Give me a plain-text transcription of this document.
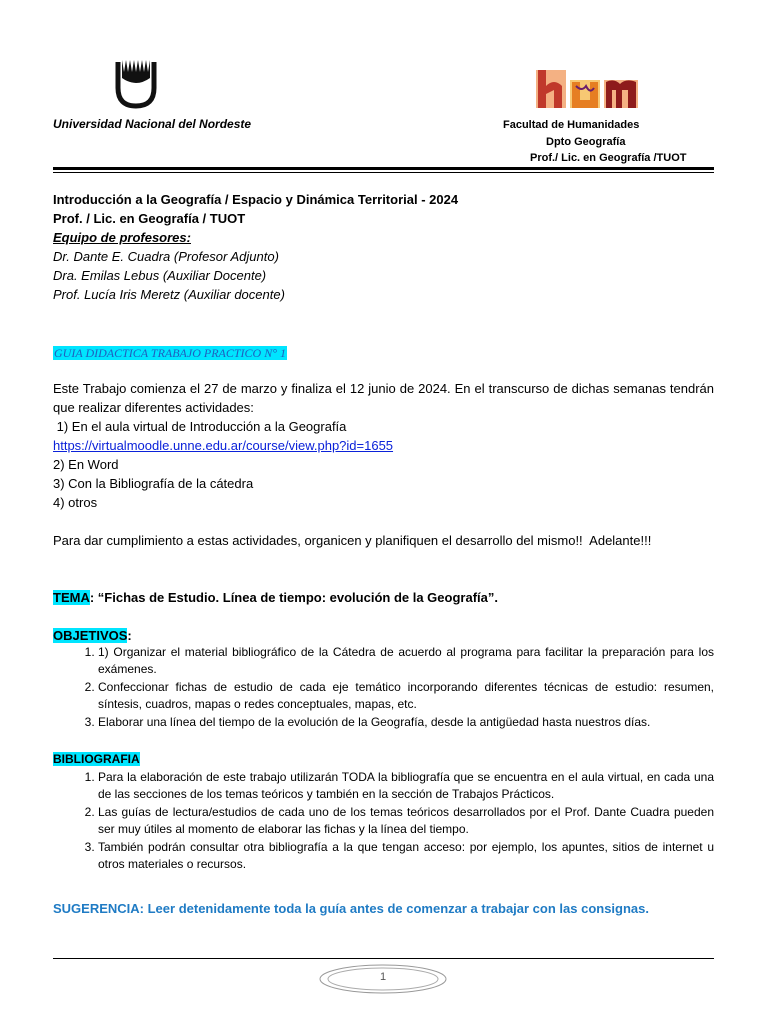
Universidad Nacional del Nordeste	Facultad de Humanidades
Dpto Geografía
Prof./ Lic. en Geografía /TUOT
Introducción a la Geografía / Espacio y Dinámica Territorial - 2024
Prof. / Lic. en Geografía / TUOT
Equipo de profesores:
Dr. Dante E. Cuadra (Profesor Adjunto)
Dra. Emilas Lebus (Auxiliar Docente)
Prof. Lucía Iris Meretz (Auxiliar docente)
GUIA DIDACTICA TRABAJO PRACTICO N° 1
Este Trabajo comienza el 27 de marzo y finaliza el 12 junio de 2024. En el transcurso de dichas semanas tendrán que realizar diferentes actividades:
1) En el aula virtual de Introducción a la Geografía
https://virtualmoodle.unne.edu.ar/course/view.php?id=1655
2) En Word
3) Con la Bibliografía de la cátedra
4) otros
Para dar cumplimiento a estas actividades, organicen y planifiquen el desarrollo del mismo!!  Adelante!!!
TEMA: “Fichas de Estudio. Línea de tiempo: evolución de la Geografía”.
OBJETIVOS:
1. 1) Organizar el material bibliográfico de la Cátedra de acuerdo al programa para facilitar la preparación para los exámenes.
2. Confeccionar fichas de estudio de cada eje temático incorporando diferentes técnicas de estudio: resumen, síntesis, cuadros, mapas o redes conceptuales, mapas, etc.
3. Elaborar una línea del tiempo de la evolución de la Geografía, desde la antigüedad hasta nuestros días.
BIBLIOGRAFIA
1. Para la elaboración de este trabajo utilizarán TODA la bibliografía que se encuentra en el aula virtual, en cada una de las secciones de los temas teóricos y también en la sección de Trabajos Prácticos.
2. Las guías de lectura/estudios de cada uno de los temas teóricos desarrollados por el Prof. Dante Cuadra pueden ser muy útiles al momento de elaborar las fichas y la línea del tiempo.
3. También podrán consultar otra bibliografía a la que tengan acceso: por ejemplo, los apuntes, sitios de internet u otros materiales o recursos.
SUGERENCIA: Leer detenidamente toda la guía antes de comenzar a trabajar con las consignas.
1
